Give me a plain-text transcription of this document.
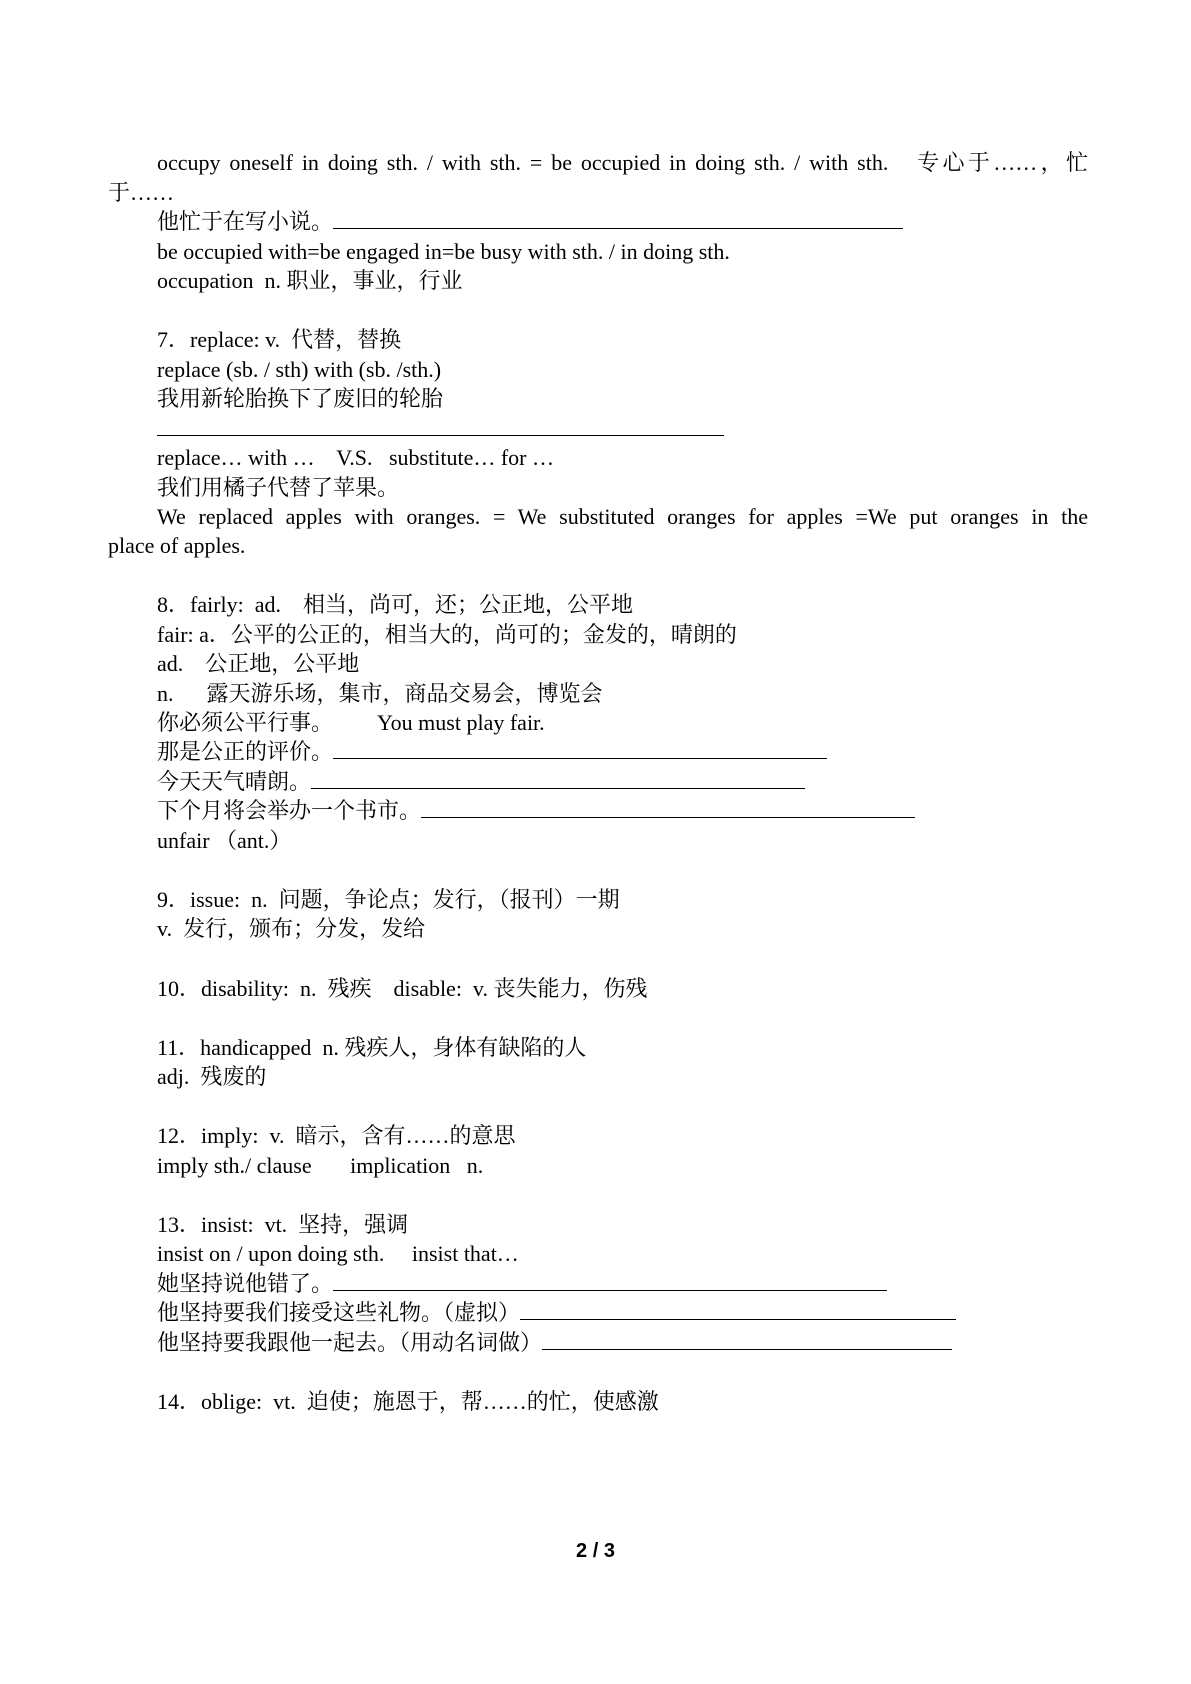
occupy oneself in doing sth. / with sth. = be occupied in doing sth. / with sth.　专心于……，忙
于……
他忙于在写小说。
be occupied with=be engaged in=be busy with sth. / in doing sth.
occupation  n. 职业，事业，行业
7．replace: v.  代替，替换
replace (sb. / sth) with (sb. /sth.)
我用新轮胎换下了废旧的轮胎
replace… with …    V.S.   substitute… for …
我们用橘子代替了苹果。
We replaced apples with oranges. = We substituted oranges for apples =We put oranges in the
place of apples.
8．fairly:  ad.    相当，尚可，还；公正地，公平地
fair: a．公平的公正的，相当大的，尚可的；金发的，晴朗的
ad.    公正地，公平地
n.      露天游乐场，集市，商品交易会，博览会
你必须公平行事。        You must play fair.
那是公正的评价。
今天天气晴朗。
下个月将会举办一个书市。
unfair （ant.）
9．issue:  n.  问题，争论点；发行，（报刊）一期
v.  发行，颁布；分发，发给
10．disability:  n.  残疾    disable:  v. 丧失能力，伤残
11．handicapped  n. 残疾人，身体有缺陷的人
adj.  残废的
12．imply:  v.  暗示，含有……的意思
imply sth./ clause       implication   n.
13．insist:  vt.  坚持，强调
insist on / upon doing sth.     insist that…
她坚持说他错了。
他坚持要我们接受这些礼物。（虚拟）
他坚持要我跟他一起去。（用动名词做）
14．oblige:  vt.  迫使；施恩于，帮……的忙，使感激
2 / 3
